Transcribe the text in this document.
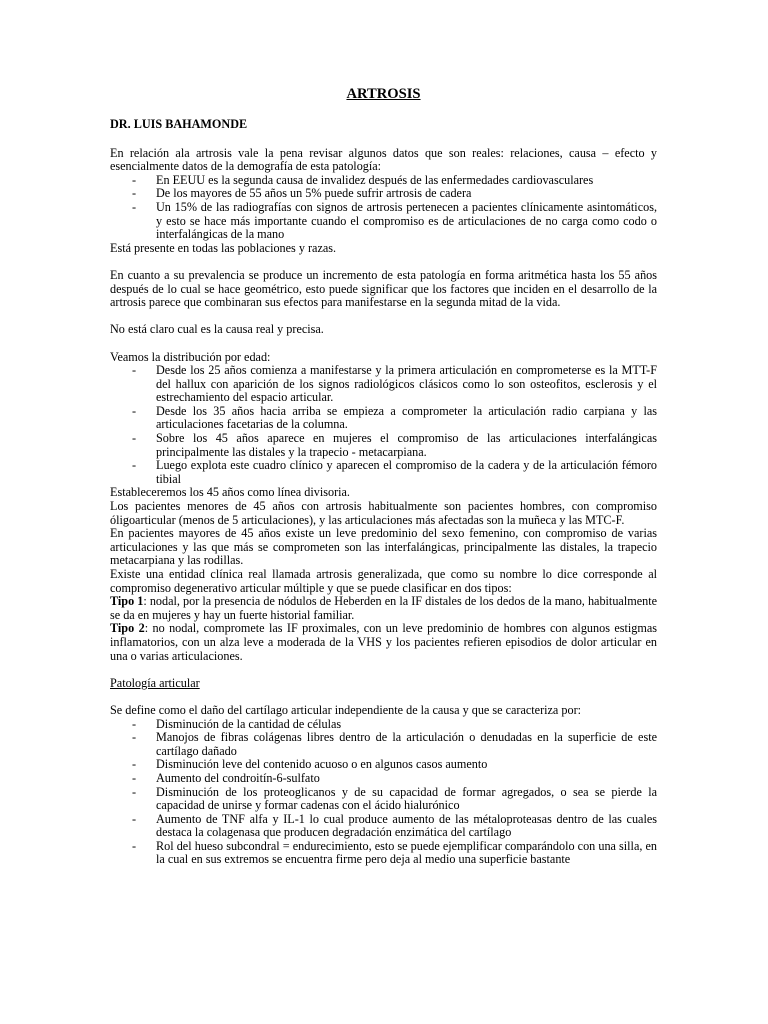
ARTROSIS
DR. LUIS BAHAMONDE

En relación ala artrosis vale la pena revisar algunos datos que son reales: relaciones, causa – efecto y esencialmente datos de la demografía de esta patología:

- En EEUU es la segunda causa de invalidez después de las enfermedades cardiovasculares
- De los mayores de 55 años un 5% puede sufrir artrosis de cadera
- Un 15% de las radiografías con signos de artrosis pertenecen a pacientes clínicamente asintomáticos, y esto se hace más importante cuando el compromiso es de articulaciones de no carga como codo o interfalángicas de la mano

Está presente en todas las poblaciones y razas.

En cuanto a su prevalencia se produce un incremento de esta patología en forma aritmética hasta los 55 años después de lo cual se hace geométrico, esto puede significar que los factores que inciden en el desarrollo de la artrosis parece que combinaran sus efectos para manifestarse en la segunda mitad de la vida.

No está claro cual es la causa real y precisa.

Veamos la distribución por edad:

- Desde los 25 años comienza a manifestarse y la primera articulación en comprometerse es la MTT-F del hallux con aparición de los signos radiológicos clásicos como lo son osteofitos, esclerosis y el estrechamiento del espacio articular.
- Desde los 35 años hacia arriba se empieza a comprometer la articulación radio carpiana y las articulaciones facetarias de la columna.
- Sobre los 45 años aparece en mujeres el compromiso de las articulaciones interfalángicas principalmente las distales y la trapecio - metacarpiana.
- Luego explota este cuadro clínico y aparecen el compromiso de la cadera y de la articulación fémoro tibial

Estableceremos los 45 años como línea divisoria.

Los pacientes menores de 45 años con artrosis habitualmente son pacientes hombres, con compromiso óligoarticular (menos de 5 articulaciones), y las articulaciones más afectadas son la muñeca y las MTC-F.

En pacientes mayores de 45 años existe un leve predominio del sexo femenino, con compromiso de varias articulaciones y las que más se comprometen son las interfalángicas, principalmente las distales, la trapecio metacarpiana y las rodillas.

Existe una entidad clínica real llamada artrosis generalizada, que como su nombre lo dice corresponde al compromiso degenerativo articular múltiple y que se puede clasificar en dos tipos:

Tipo 1: nodal, por la presencia de nódulos de Heberden en la IF distales de los dedos de la mano, habitualmente se da en mujeres y hay un fuerte historial familiar.

Tipo 2: no nodal, compromete las IF proximales, con un leve predominio de hombres con algunos estigmas inflamatorios, con un alza leve a moderada de la VHS y los pacientes refieren episodios de dolor articular en una o varias articulaciones.

Patología articular

Se define como el daño del cartílago articular independiente de la causa y que se caracteriza por:

- Disminución de la cantidad de células
- Manojos de fibras colágenas libres dentro de la articulación o denudadas en la superficie de este cartílago dañado
- Disminución leve del contenido acuoso o en algunos casos aumento
- Aumento del condroitín-6-sulfato
- Disminución de los proteoglicanos y de su capacidad de formar agregados, o sea se pierde la capacidad de unirse y formar cadenas con el ácido hialurónico
- Aumento de TNF alfa y IL-1 lo cual produce aumento de las métaloproteasas dentro de las cuales destaca la colagenasa que producen degradación enzimática del cartílago
- Rol del hueso subcondral = endurecimiento, esto se puede ejemplificar comparándolo con una silla, en la cual en sus extremos se encuentra firme pero deja al medio una superficie bastante
